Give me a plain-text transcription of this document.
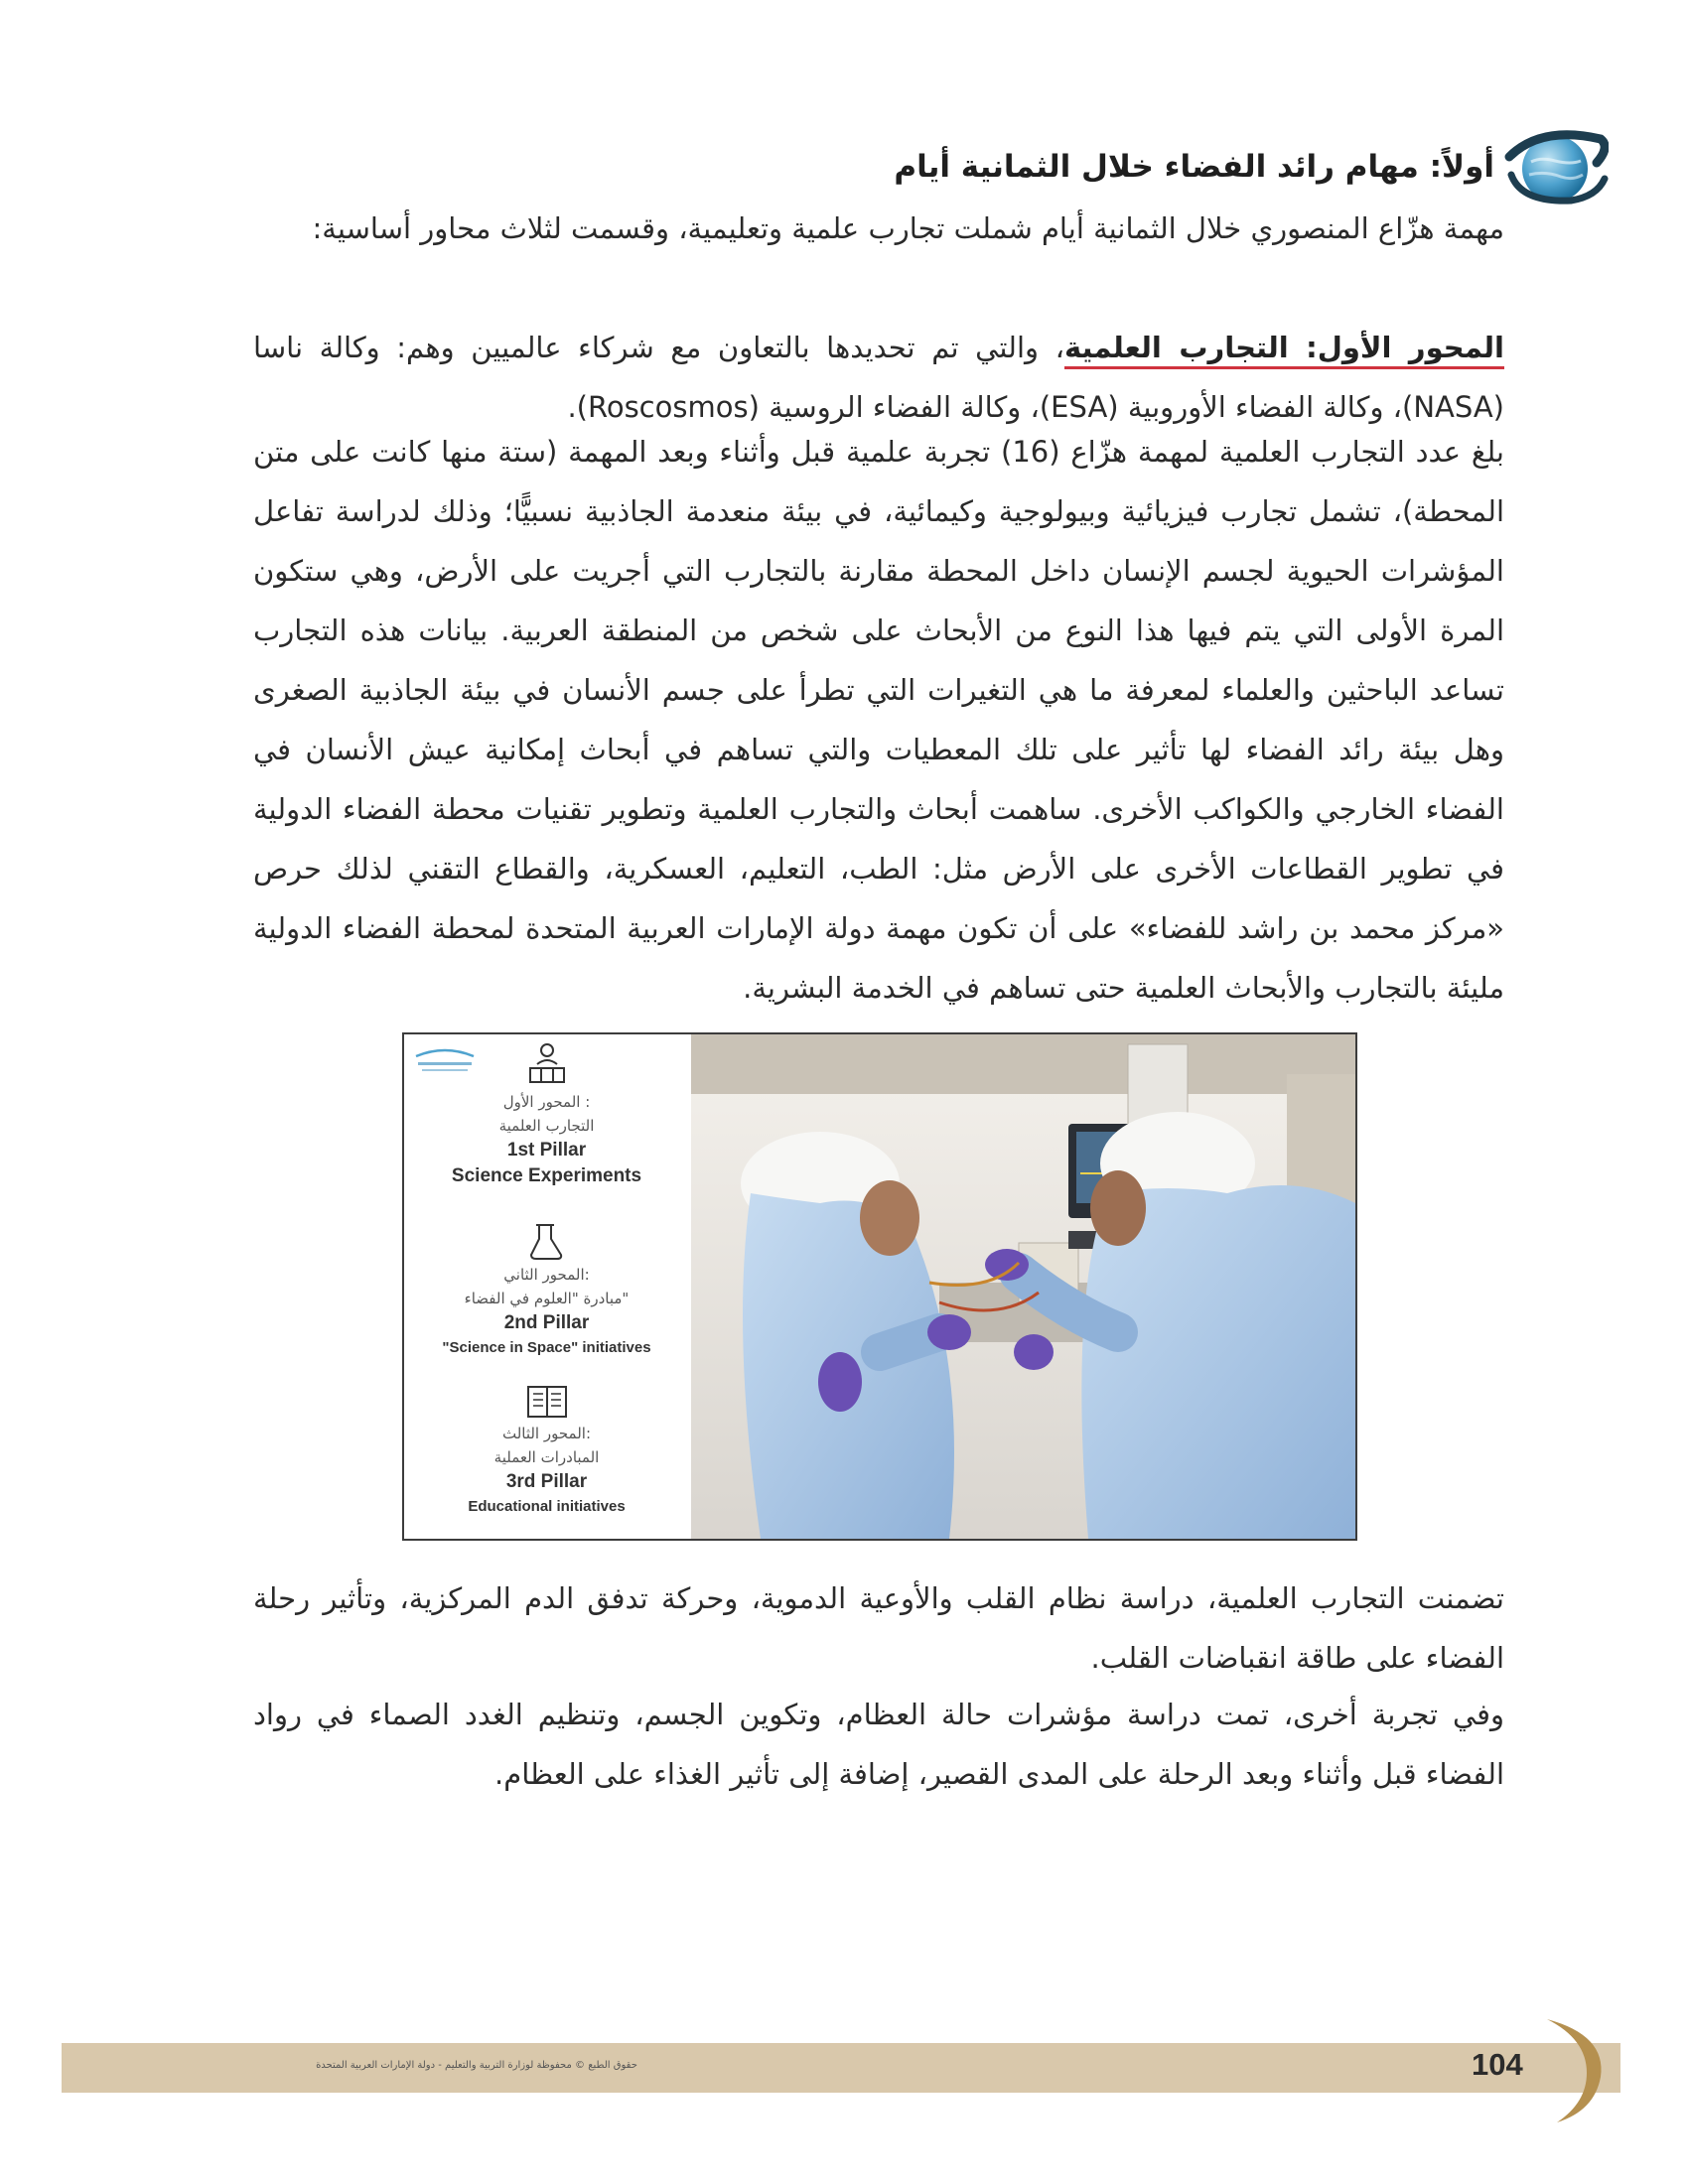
أولاً: مهام رائد الفضاء خلال الثمانية أيام

مهمة هزّاع المنصوري خلال الثمانية أيام شملت تجارب علمية وتعليمية، وقسمت لثلاث محاور أساسية:

المحور الأول: التجارب العلمية، والتي تم تحديدها بالتعاون مع شركاء عالميين وهم: وكالة ناسا (NASA)، وكالة الفضاء الأوروبية (ESA)، وكالة الفضاء الروسية (Roscosmos).

بلغ عدد التجارب العلمية لمهمة هزّاع (16) تجربة علمية قبل وأثناء وبعد المهمة (ستة منها كانت على متن المحطة)، تشمل تجارب فيزيائية وبيولوجية وكيمائية، في بيئة منعدمة الجاذبية نسبيًّا؛ وذلك لدراسة تفاعل المؤشرات الحيوية لجسم الإنسان داخل المحطة مقارنة بالتجارب التي أجريت على الأرض، وهي ستكون المرة الأولى التي يتم فيها هذا النوع من الأبحاث على شخص من المنطقة العربية. بيانات هذه التجارب تساعد الباحثين والعلماء لمعرفة ما هي التغيرات التي تطرأ على جسم الأنسان في بيئة الجاذبية الصغرى وهل بيئة رائد الفضاء لها تأثير على تلك المعطيات والتي تساهم في أبحاث إمكانية عيش الأنسان في الفضاء الخارجي والكواكب الأخرى. ساهمت أبحاث والتجارب العلمية وتطوير تقنيات محطة الفضاء الدولية في تطوير القطاعات الأخرى على الأرض مثل: الطب، التعليم، العسكرية، والقطاع التقني لذلك حرص «مركز محمد بن راشد للفضاء» على أن تكون مهمة دولة الإمارات العربية المتحدة لمحطة الفضاء الدولية مليئة بالتجارب والأبحاث العلمية حتى تساهم في الخدمة البشرية.

المحور الأول :
التجارب العلمية
1st Pillar
Science Experiments
المحور الثاني:
مبادرة "العلوم في الفضاء"
2nd Pillar
"Science in Space" initiatives
المحور الثالث:
المبادرات العملية
3rd Pillar
Educational initiatives

تضمنت التجارب العلمية، دراسة نظام القلب والأوعية الدموية، وحركة تدفق الدم المركزية، وتأثير رحلة الفضاء على طاقة انقباضات القلب.

وفي تجربة أخرى، تمت دراسة مؤشرات حالة العظام، وتكوين الجسم، وتنظيم الغدد الصماء في رواد الفضاء قبل وأثناء وبعد الرحلة على المدى القصير، إضافة إلى تأثير الغذاء على العظام.

حقوق الطبع © محفوظة لوزارة التربية والتعليم - دولة الإمارات العربية المتحدة	104
